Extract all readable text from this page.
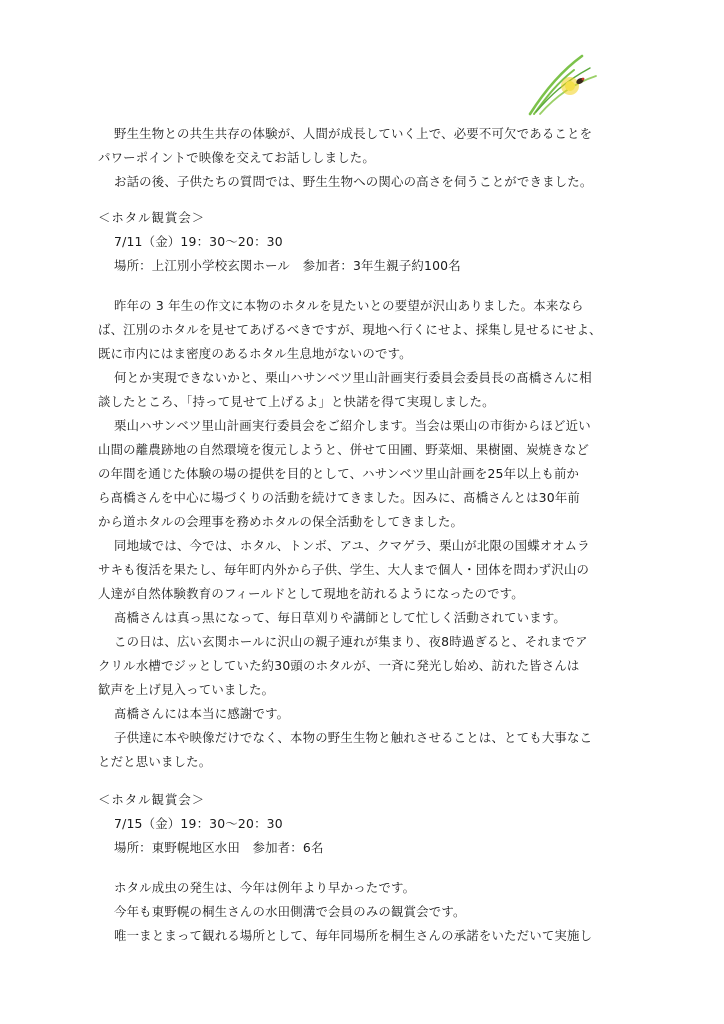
野生生物との共生共存の体験が、人間が成長していく上で、必要不可欠であることを
パワーポイントで映像を交えてお話ししました。
お話の後、子供たちの質問では、野生生物への関心の高さを伺うことができました。
＜ホタル観賞会＞
7/11（金）19：30～20：30
場所：上江別小学校玄関ホール　参加者：3年生親子約100名
昨年の 3 年生の作文に本物のホタルを見たいとの要望が沢山ありました。本来なら
ば、江別のホタルを見せてあげるべきですが、現地へ行くにせよ、採集し見せるにせよ、
既に市内にはま密度のあるホタル生息地がないのです。
何とか実現できないかと、栗山ハサンベツ里山計画実行委員会委員長の髙橋さんに相
談したところ、「持って見せて上げるよ」と快諾を得て実現しました。
栗山ハサンベツ里山計画実行委員会をご紹介します。当会は栗山の市街からほど近い
山間の離農跡地の自然環境を復元しようと、併せて田圃、野菜畑、果樹園、炭焼きなど
の年間を通じた体験の場の提供を目的として、ハサンベツ里山計画を25年以上も前か
ら髙橋さんを中心に場づくりの活動を続けてきました。因みに、髙橋さんとは30年前
から道ホタルの会理事を務めホタルの保全活動をしてきました。
同地域では、今では、ホタル、トンボ、アユ、クマゲラ、栗山が北限の国蝶オオムラ
サキも復活を果たし、毎年町内外から子供、学生、大人まで個人・団体を問わず沢山の
人達が自然体験教育のフィールドとして現地を訪れるようになったのです。
髙橋さんは真っ黒になって、毎日草刈りや講師として忙しく活動されています。
この日は、広い玄関ホールに沢山の親子連れが集まり、夜8時過ぎると、それまでア
クリル水槽でジッとしていた約30頭のホタルが、一斉に発光し始め、訪れた皆さんは
歓声を上げ見入っていました。
髙橋さんには本当に感謝です。
子供達に本や映像だけでなく、本物の野生生物と触れさせることは、とても大事なこ
とだと思いました。
＜ホタル観賞会＞
7/15（金）19：30～20：30
場所：東野幌地区水田　参加者：6名
ホタル成虫の発生は、今年は例年より早かったです。
今年も東野幌の桐生さんの水田側溝で会員のみの観賞会です。
唯一まとまって観れる場所として、毎年同場所を桐生さんの承諾をいただいて実施し
